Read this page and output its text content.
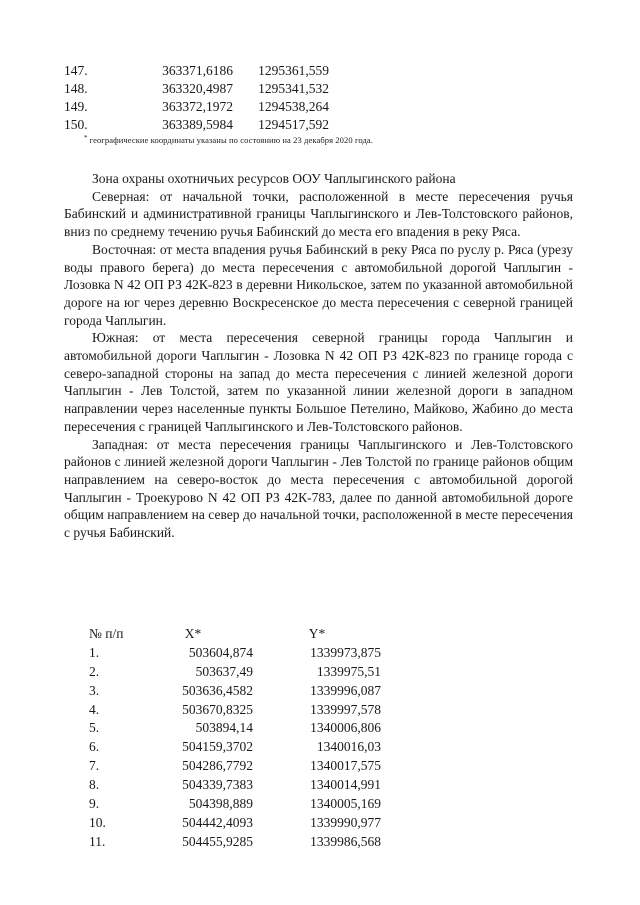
147.	363371,6186	1295361,559
148.	363320,4987	1295341,532
149.	363372,1972	1294538,264
150.	363389,5984	1294517,592
* географические координаты указаны по состоянию на 23 декабря 2020 года.

Зона охраны охотничьих ресурсов ООУ Чаплыгинского района

Северная: от начальной точки, расположенной в месте пересечения ручья Бабинский и административной границы Чаплыгинского и Лев-Толстовского районов, вниз по среднему течению ручья Бабинский до места его впадения в реку Ряса.

Восточная: от места впадения ручья Бабинский в реку Ряса по руслу р. Ряса (урезу воды правого берега) до места пересечения с автомобильной дорогой Чаплыгин - Лозовка N 42 ОП РЗ 42К-823 в деревни Никольское, затем по указанной автомобильной дороге на юг через деревню Воскресенское до места пересечения с северной границей города Чаплыгин.

Южная: от места пересечения северной границы города Чаплыгин и автомобильной дороги Чаплыгин - Лозовка N 42 ОП РЗ 42К-823 по границе города с северо-западной стороны на запад до места пересечения с линией железной дороги Чаплыгин - Лев Толстой, затем по указанной линии железной дороги в западном направлении через населенные пункты Большое Петелино, Майково, Жабино до места пересечения с границей Чаплыгинского и Лев-Толстовского районов.

Западная: от места пересечения границы Чаплыгинского и Лев-Толстовского районов с линией железной дороги Чаплыгин - Лев Толстой по границе районов общим направлением на северо-восток до места пересечения с автомобильной дорогой Чаплыгин - Троекурово N 42 ОП РЗ 42К-783, далее по данной автомобильной дороге общим направлением на север до начальной точки, расположенной в месте пересечения с ручья Бабинский.

№ п/п	X*	Y*
1.	503604,874	1339973,875
2.	503637,49	1339975,51
3.	503636,4582	1339996,087
4.	503670,8325	1339997,578
5.	503894,14	1340006,806
6.	504159,3702	1340016,03
7.	504286,7792	1340017,575
8.	504339,7383	1340014,991
9.	504398,889	1340005,169
10.	504442,4093	1339990,977
11.	504455,9285	1339986,568
